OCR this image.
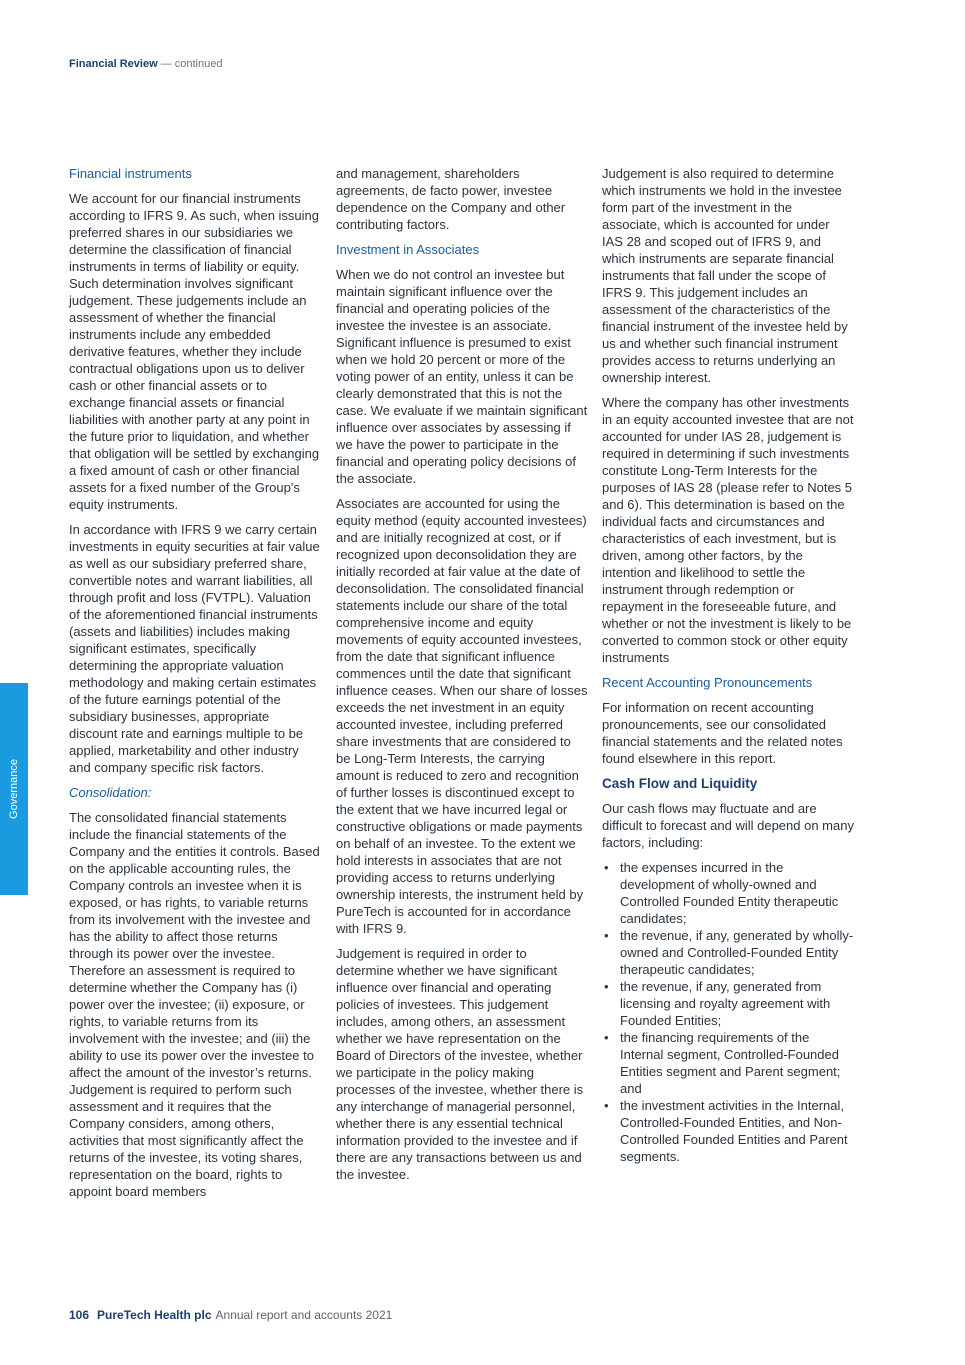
Financial Review — continued
Governance

Financial instruments

We account for our financial instruments according to IFRS 9. As such, when issuing preferred shares in our subsidiaries we determine the classification of financial instruments in terms of liability or equity. Such determination involves significant judgement. These judgements include an assessment of whether the financial instruments include any embedded derivative features, whether they include contractual obligations upon us to deliver cash or other financial assets or to exchange financial assets or financial liabilities with another party at any point in the future prior to liquidation, and whether that obligation will be settled by exchanging a fixed amount of cash or other financial assets for a fixed number of the Group's equity instruments.

In accordance with IFRS 9 we carry certain investments in equity securities at fair value as well as our subsidiary preferred share, convertible notes and warrant liabilities, all through profit and loss (FVTPL). Valuation of the aforementioned financial instruments (assets and liabilities) includes making significant estimates, specifically determining the appropriate valuation methodology and making certain estimates of the future earnings potential of the subsidiary businesses, appropriate discount rate and earnings multiple to be applied, marketability and other industry and company specific risk factors.

Consolidation:

The consolidated financial statements include the financial statements of the Company and the entities it controls. Based on the applicable accounting rules, the Company controls an investee when it is exposed, or has rights, to variable returns from its involvement with the investee and has the ability to affect those returns through its power over the investee. Therefore an assessment is required to determine whether the Company has (i) power over the investee; (ii) exposure, or rights, to variable returns from its involvement with the investee; and (iii) the ability to use its power over the investee to affect the amount of the investor’s returns. Judgement is required to perform such assessment and it requires that the Company considers, among others, activities that most significantly affect the returns of the investee, its voting shares, representation on the board, rights to appoint board members

and management, shareholders agreements, de facto power, investee dependence on the Company and other contributing factors.

Investment in Associates

When we do not control an investee but maintain significant influence over the financial and operating policies of the investee the investee is an associate. Significant influence is presumed to exist when we hold 20 percent or more of the voting power of an entity, unless it can be clearly demonstrated that this is not the case. We evaluate if we maintain significant influence over associates by assessing if we have the power to participate in the financial and operating policy decisions of the associate.

Associates are accounted for using the equity method (equity accounted investees) and are initially recognized at cost, or if recognized upon deconsolidation they are initially recorded at fair value at the date of deconsolidation. The consolidated financial statements include our share of the total comprehensive income and equity movements of equity accounted investees, from the date that significant influence commences until the date that significant influence ceases. When our share of losses exceeds the net investment in an equity accounted investee, including preferred share investments that are considered to be Long-Term Interests, the carrying amount is reduced to zero and recognition of further losses is discontinued except to the extent that we have incurred legal or constructive obligations or made payments on behalf of an investee. To the extent we hold interests in associates that are not providing access to returns underlying ownership interests, the instrument held by PureTech is accounted for in accordance with IFRS 9.

Judgement is required in order to determine whether we have significant influence over financial and operating policies of investees. This judgement includes, among others, an assessment whether we have representation on the Board of Directors of the investee, whether we participate in the policy making processes of the investee, whether there is any interchange of managerial personnel, whether there is any essential technical information provided to the investee and if there are any transactions between us and the investee.

Judgement is also required to determine which instruments we hold in the investee form part of the investment in the associate, which is accounted for under IAS 28 and scoped out of IFRS 9, and which instruments are separate financial instruments that fall under the scope of IFRS 9. This judgement includes an assessment of the characteristics of the financial instrument of the investee held by us and whether such financial instrument provides access to returns underlying an ownership interest.

Where the company has other investments in an equity accounted investee that are not accounted for under IAS 28, judgement is required in determining if such investments constitute Long-Term Interests for the purposes of IAS 28 (please refer to Notes 5 and 6). This determination is based on the individual facts and circumstances and characteristics of each investment, but is driven, among other factors, by the intention and likelihood to settle the instrument through redemption or repayment in the foreseeable future, and whether or not the investment is likely to be converted to common stock or other equity instruments

Recent Accounting Pronouncements

For information on recent accounting pronouncements, see our consolidated financial statements and the related notes found elsewhere in this report.

Cash Flow and Liquidity

Our cash flows may fluctuate and are difficult to forecast and will depend on many factors, including:

• the expenses incurred in the development of wholly-owned and Controlled Founded Entity therapeutic candidates;
• the revenue, if any, generated by wholly-owned and Controlled-Founded Entity therapeutic candidates;
• the revenue, if any, generated from licensing and royalty agreement with Founded Entities;
• the financing requirements of the Internal segment, Controlled-Founded Entities segment and Parent segment; and
• the investment activities in the Internal, Controlled-Founded Entities, and Non-Controlled Founded Entities and Parent segments.
106 PureTech Health plc Annual report and accounts 2021
